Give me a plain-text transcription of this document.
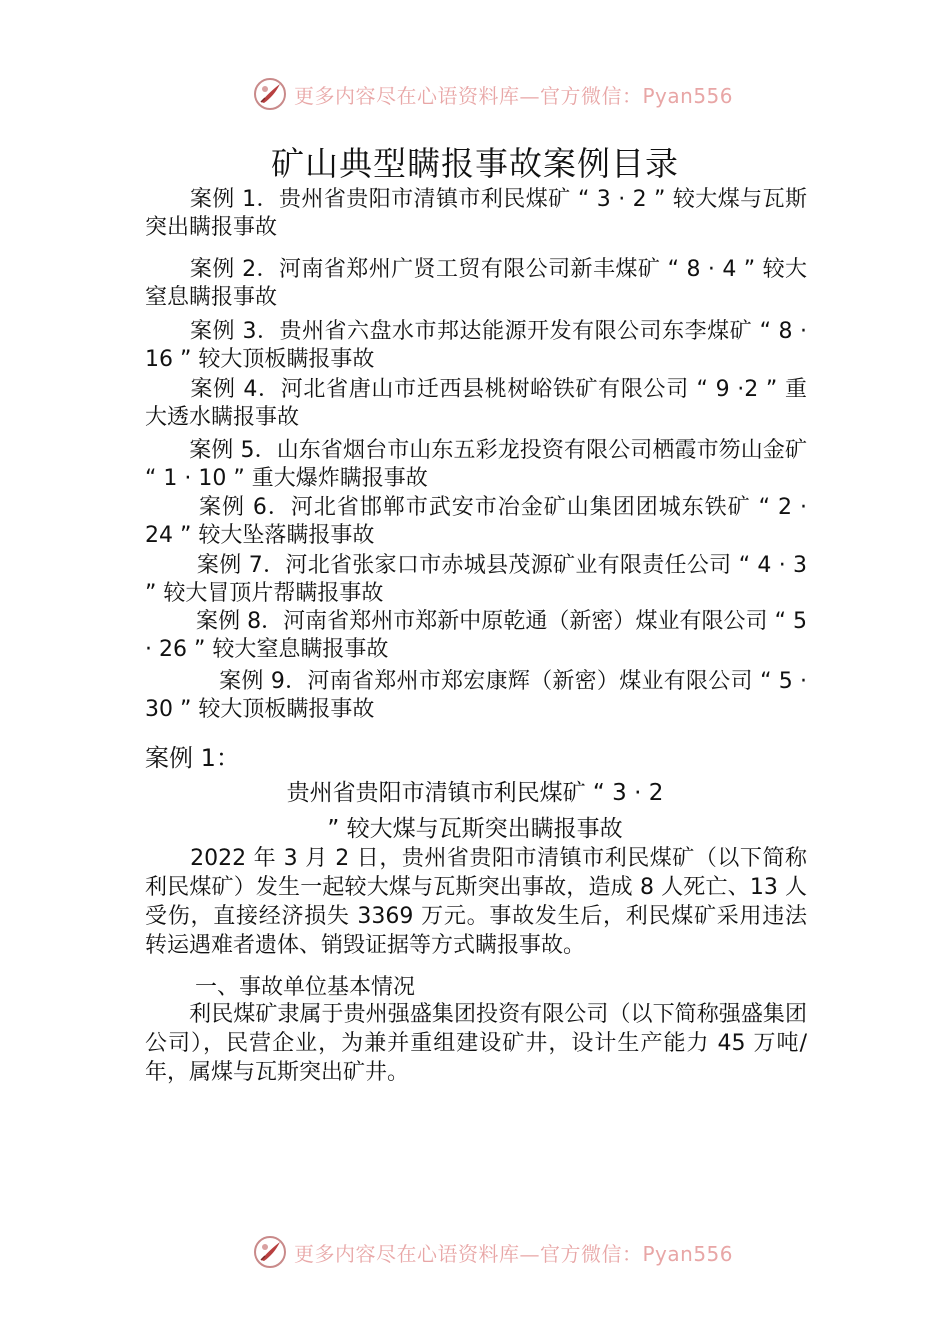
更多内容尽在心语资料库—官方微信：Pyan556
矿山典型瞒报事故案例目录

　　案例 1．贵州省贵阳市清镇市利民煤矿 “ 3 · 2 ” 较大煤与瓦斯突出瞒报事故

　　案例 2．河南省郑州广贤工贸有限公司新丰煤矿 “ 8 · 4 ” 较大窒息瞒报事故

　　案例 3．贵州省六盘水市邦达能源开发有限公司东李煤矿 “ 8 · 16 ” 较大顶板瞒报事故

　　案例 4．河北省唐山市迁西县桃树峪铁矿有限公司 “ 9 ·2 ” 重大透水瞒报事故

　　案例 5．山东省烟台市山东五彩龙投资有限公司栖霞市笏山金矿 “ 1 · 10 ” 重大爆炸瞒报事故

　　 案例 6．河北省邯郸市武安市冶金矿山集团团城东铁矿 “ 2 · 24 ” 较大坠落瞒报事故

　　 案例 7．河北省张家口市赤城县茂源矿业有限责任公司 “ 4 · 3 ” 较大冒顶片帮瞒报事故

　　 案例 8．河南省郑州市郑新中原乾通（新密）煤业有限公司 “ 5 · 26 ” 较大窒息瞒报事故

　　　 案例 9．河南省郑州市郑宏康辉（新密）煤业有限公司 “ 5 · 30 ” 较大顶板瞒报事故

案例 1：

贵州省贵阳市清镇市利民煤矿 “ 3 · 2

” 较大煤与瓦斯突出瞒报事故

　　2022 年 3 月 2 日，贵州省贵阳市清镇市利民煤矿（以下简称利民煤矿）发生一起较大煤与瓦斯突出事故，造成 8 人死亡、13 人受伤，直接经济损失 3369 万元。事故发生后，利民煤矿采用违法转运遇难者遗体、销毁证据等方式瞒报事故。

一、事故单位基本情况

　　利民煤矿隶属于贵州强盛集团投资有限公司（以下简称强盛集团公司），民营企业，为兼并重组建设矿井，设计生产能力 45 万吨/年，属煤与瓦斯突出矿井。

更多内容尽在心语资料库—官方微信：Pyan556
